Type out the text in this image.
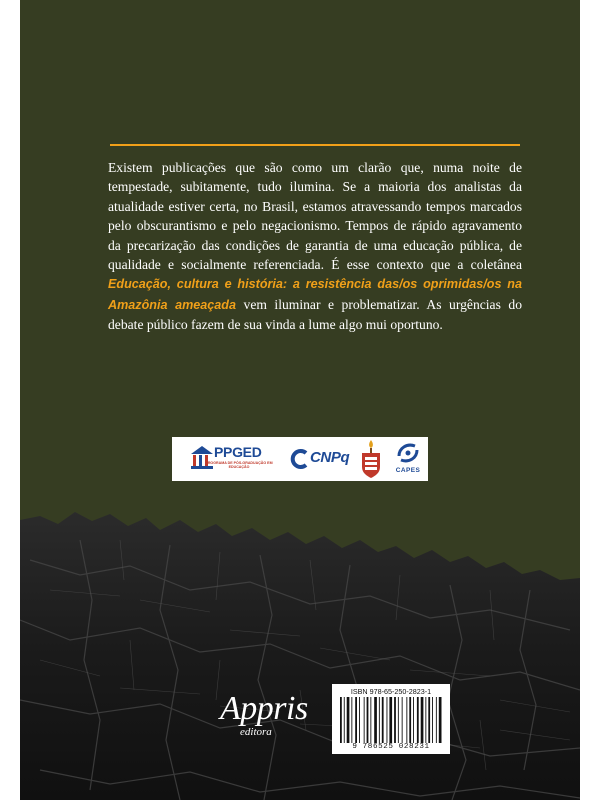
Existem publicações que são como um clarão que, numa noite de tempestade, subitamente, tudo ilumina. Se a maioria dos analistas da atualidade estiver certa, no Brasil, estamos atravessando tempos marcados pelo obscurantismo e pelo negacionismo. Tempos de rápido agravamento da precarização das condições de garantia de uma educação pública, de qualidade e socialmente referenciada. É esse contexto que a coletânea Educação, cultura e história: a resistência das/os oprimidas/os na Amazônia ameaçada vem iluminar e problematizar. As urgências do debate público fazem de sua vinda a lume algo mui oportuno.

PPGED
PROGRAMA DE PÓS-GRADUAÇÃO EM EDUCAÇÃO
CNPq
CAPES
Appris
editora
ISBN 978-65-250-2823-1
9 786525 028231
